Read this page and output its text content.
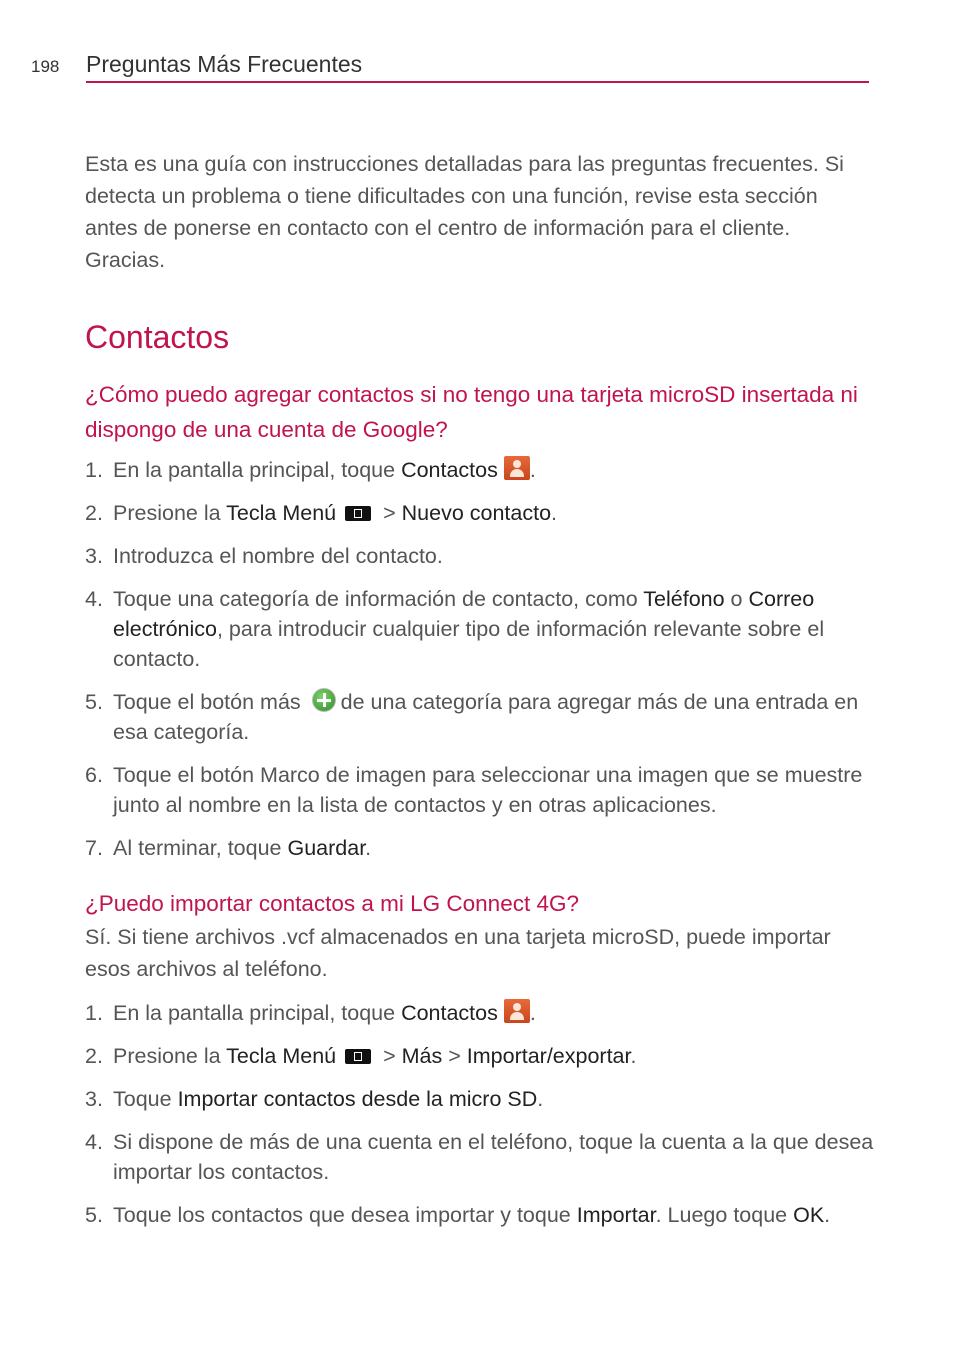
198 Preguntas Más Frecuentes

Esta es una guía con instrucciones detalladas para las preguntas frecuentes. Si detecta un problema o tiene dificultades con una función, revise esta sección antes de ponerse en contacto con el centro de información para el cliente. Gracias.

Contactos
¿Cómo puedo agregar contactos si no tengo una tarjeta microSD insertada ni dispongo de una cuenta de Google?
1. En la pantalla principal, toque Contactos .
2. Presione la Tecla Menú > Nuevo contacto.
3. Introduzca el nombre del contacto.
4. Toque una categoría de información de contacto, como Teléfono o Correo electrónico, para introducir cualquier tipo de información relevante sobre el contacto.
5. Toque el botón más de una categoría para agregar más de una entrada en esa categoría.
6. Toque el botón Marco de imagen para seleccionar una imagen que se muestre junto al nombre en la lista de contactos y en otras aplicaciones.
7. Al terminar, toque Guardar.
¿Puedo importar contactos a mi LG Connect 4G?

Sí. Si tiene archivos .vcf almacenados en una tarjeta microSD, puede importar esos archivos al teléfono.

1. En la pantalla principal, toque Contactos .
2. Presione la Tecla Menú > Más > Importar/exportar.
3. Toque Importar contactos desde la micro SD.
4. Si dispone de más de una cuenta en el teléfono, toque la cuenta a la que desea importar los contactos.
5. Toque los contactos que desea importar y toque Importar. Luego toque OK.
